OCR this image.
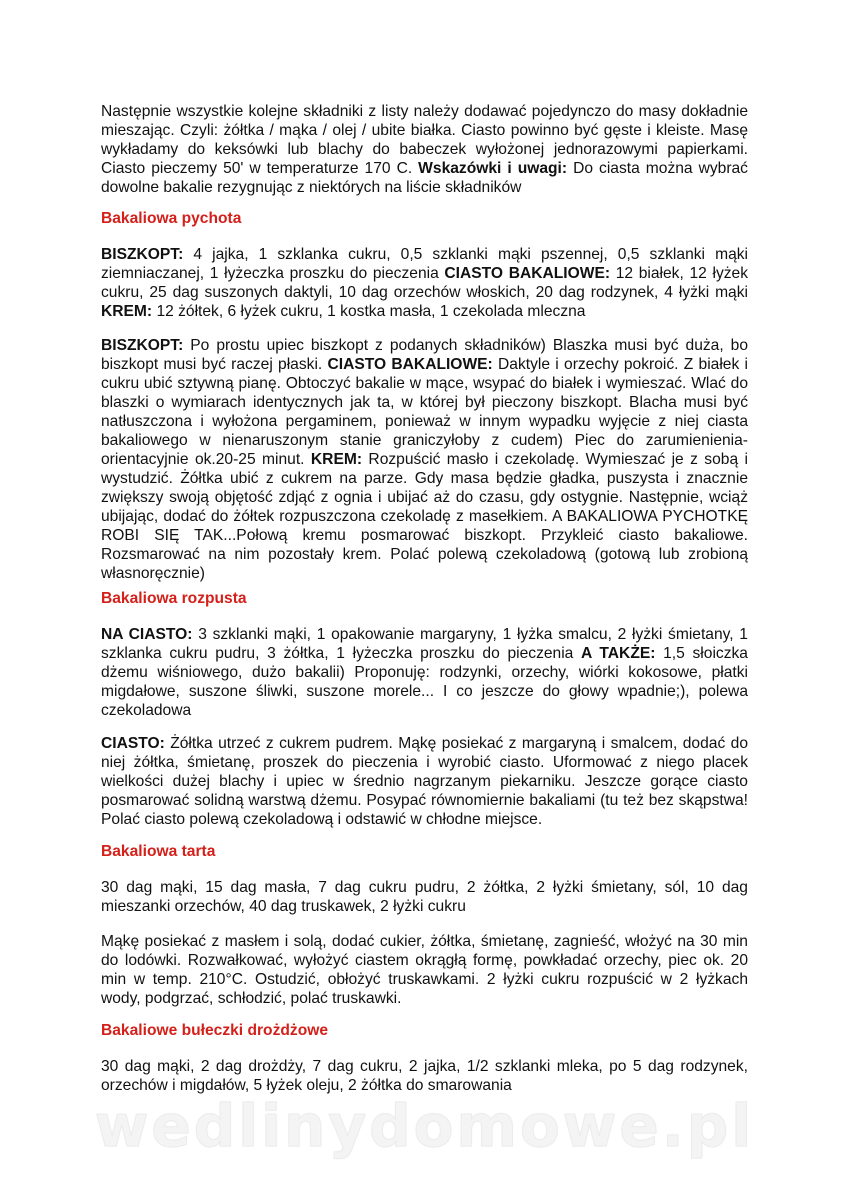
Następnie wszystkie kolejne składniki z listy należy dodawać pojedynczo do masy dokładnie mieszając. Czyli: żółtka / mąka / olej / ubite białka. Ciasto powinno być gęste i kleiste. Masę wykładamy do keksówki lub blachy do babeczek wyłożonej jednorazowymi papierkami. Ciasto pieczemy 50' w temperaturze 170 C. Wskazówki i uwagi: Do ciasta można wybrać dowolne bakalie rezygnując z niektórych na liście składników

Bakaliowa pychota

BISZKOPT: 4 jajka, 1 szklanka cukru, 0,5 szklanki mąki pszennej, 0,5 szklanki mąki ziemniaczanej, 1 łyżeczka proszku do pieczenia CIASTO BAKALIOWE: 12 białek, 12 łyżek cukru, 25 dag suszonych daktyli, 10 dag orzechów włoskich, 20 dag rodzynek, 4 łyżki mąki KREM: 12 żółtek, 6 łyżek cukru, 1 kostka masła, 1 czekolada mleczna

BISZKOPT: Po prostu upiec biszkopt z podanych składników) Blaszka musi być duża, bo biszkopt musi być raczej płaski. CIASTO BAKALIOWE: Daktyle i orzechy pokroić. Z białek i cukru ubić sztywną pianę. Obtoczyć bakalie w mące, wsypać do białek i wymieszać. Wlać do blaszki o wymiarach identycznych jak ta, w której był pieczony biszkopt. Blacha musi być natłuszczona i wyłożona pergaminem, ponieważ w innym wypadku wyjęcie z niej ciasta bakaliowego w nienaruszonym stanie graniczyłoby z cudem) Piec do zarumienienia-orientacyjnie ok.20-25 minut. KREM: Rozpuścić masło i czekoladę. Wymieszać je z sobą i wystudzić. Żółtka ubić z cukrem na parze. Gdy masa będzie gładka, puszysta i znacznie zwiększy swoją objętość zdjąć z ognia i ubijać aż do czasu, gdy ostygnie. Następnie, wciąż ubijając, dodać do żółtek rozpuszczona czekoladę z masełkiem. A BAKALIOWA PYCHOTKĘ ROBI SIĘ TAK...Połową kremu posmarować biszkopt. Przykleić ciasto bakaliowe. Rozsmarować na nim pozostały krem. Polać polewą czekoladową (gotową lub zrobioną własnoręcznie)

Bakaliowa rozpusta

NA CIASTO: 3 szklanki mąki, 1 opakowanie margaryny, 1 łyżka smalcu, 2 łyżki śmietany, 1 szklanka cukru pudru, 3 żółtka, 1 łyżeczka proszku do pieczenia A TAKŻE: 1,5 słoiczka dżemu wiśniowego, dużo bakalii) Proponuję: rodzynki, orzechy, wiórki kokosowe, płatki migdałowe, suszone śliwki, suszone morele... I co jeszcze do głowy wpadnie;), polewa czekoladowa

CIASTO: Żółtka utrzeć z cukrem pudrem. Mąkę posiekać z margaryną i smalcem, dodać do niej żółtka, śmietanę, proszek do pieczenia i wyrobić ciasto. Uformować z niego placek wielkości dużej blachy i upiec w średnio nagrzanym piekarniku. Jeszcze gorące ciasto posmarować solidną warstwą dżemu. Posypać równomiernie bakaliami (tu też bez skąpstwa! Polać ciasto polewą czekoladową i odstawić w chłodne miejsce.

Bakaliowa tarta

30 dag mąki, 15 dag masła, 7 dag cukru pudru, 2 żółtka, 2 łyżki śmietany, sól, 10 dag mieszanki orzechów, 40 dag truskawek, 2 łyżki cukru

Mąkę posiekać z masłem i solą, dodać cukier, żółtka, śmietanę, zagnieść, włożyć na 30 min do lodówki. Rozwałkować, wyłożyć ciastem okrągłą formę, powkładać orzechy, piec ok. 20 min w temp. 210°C. Ostudzić, obłożyć truskawkami. 2 łyżki cukru rozpuścić w 2 łyżkach wody, podgrzać, schłodzić, polać truskawki.

Bakaliowe bułeczki drożdżowe

30 dag mąki, 2 dag drożdży, 7 dag cukru, 2 jajka, 1/2 szklanki mleka, po 5 dag rodzynek, orzechów i migdałów, 5 łyżek oleju, 2 żółtka do smarowania

wedlinydomowe.pl
